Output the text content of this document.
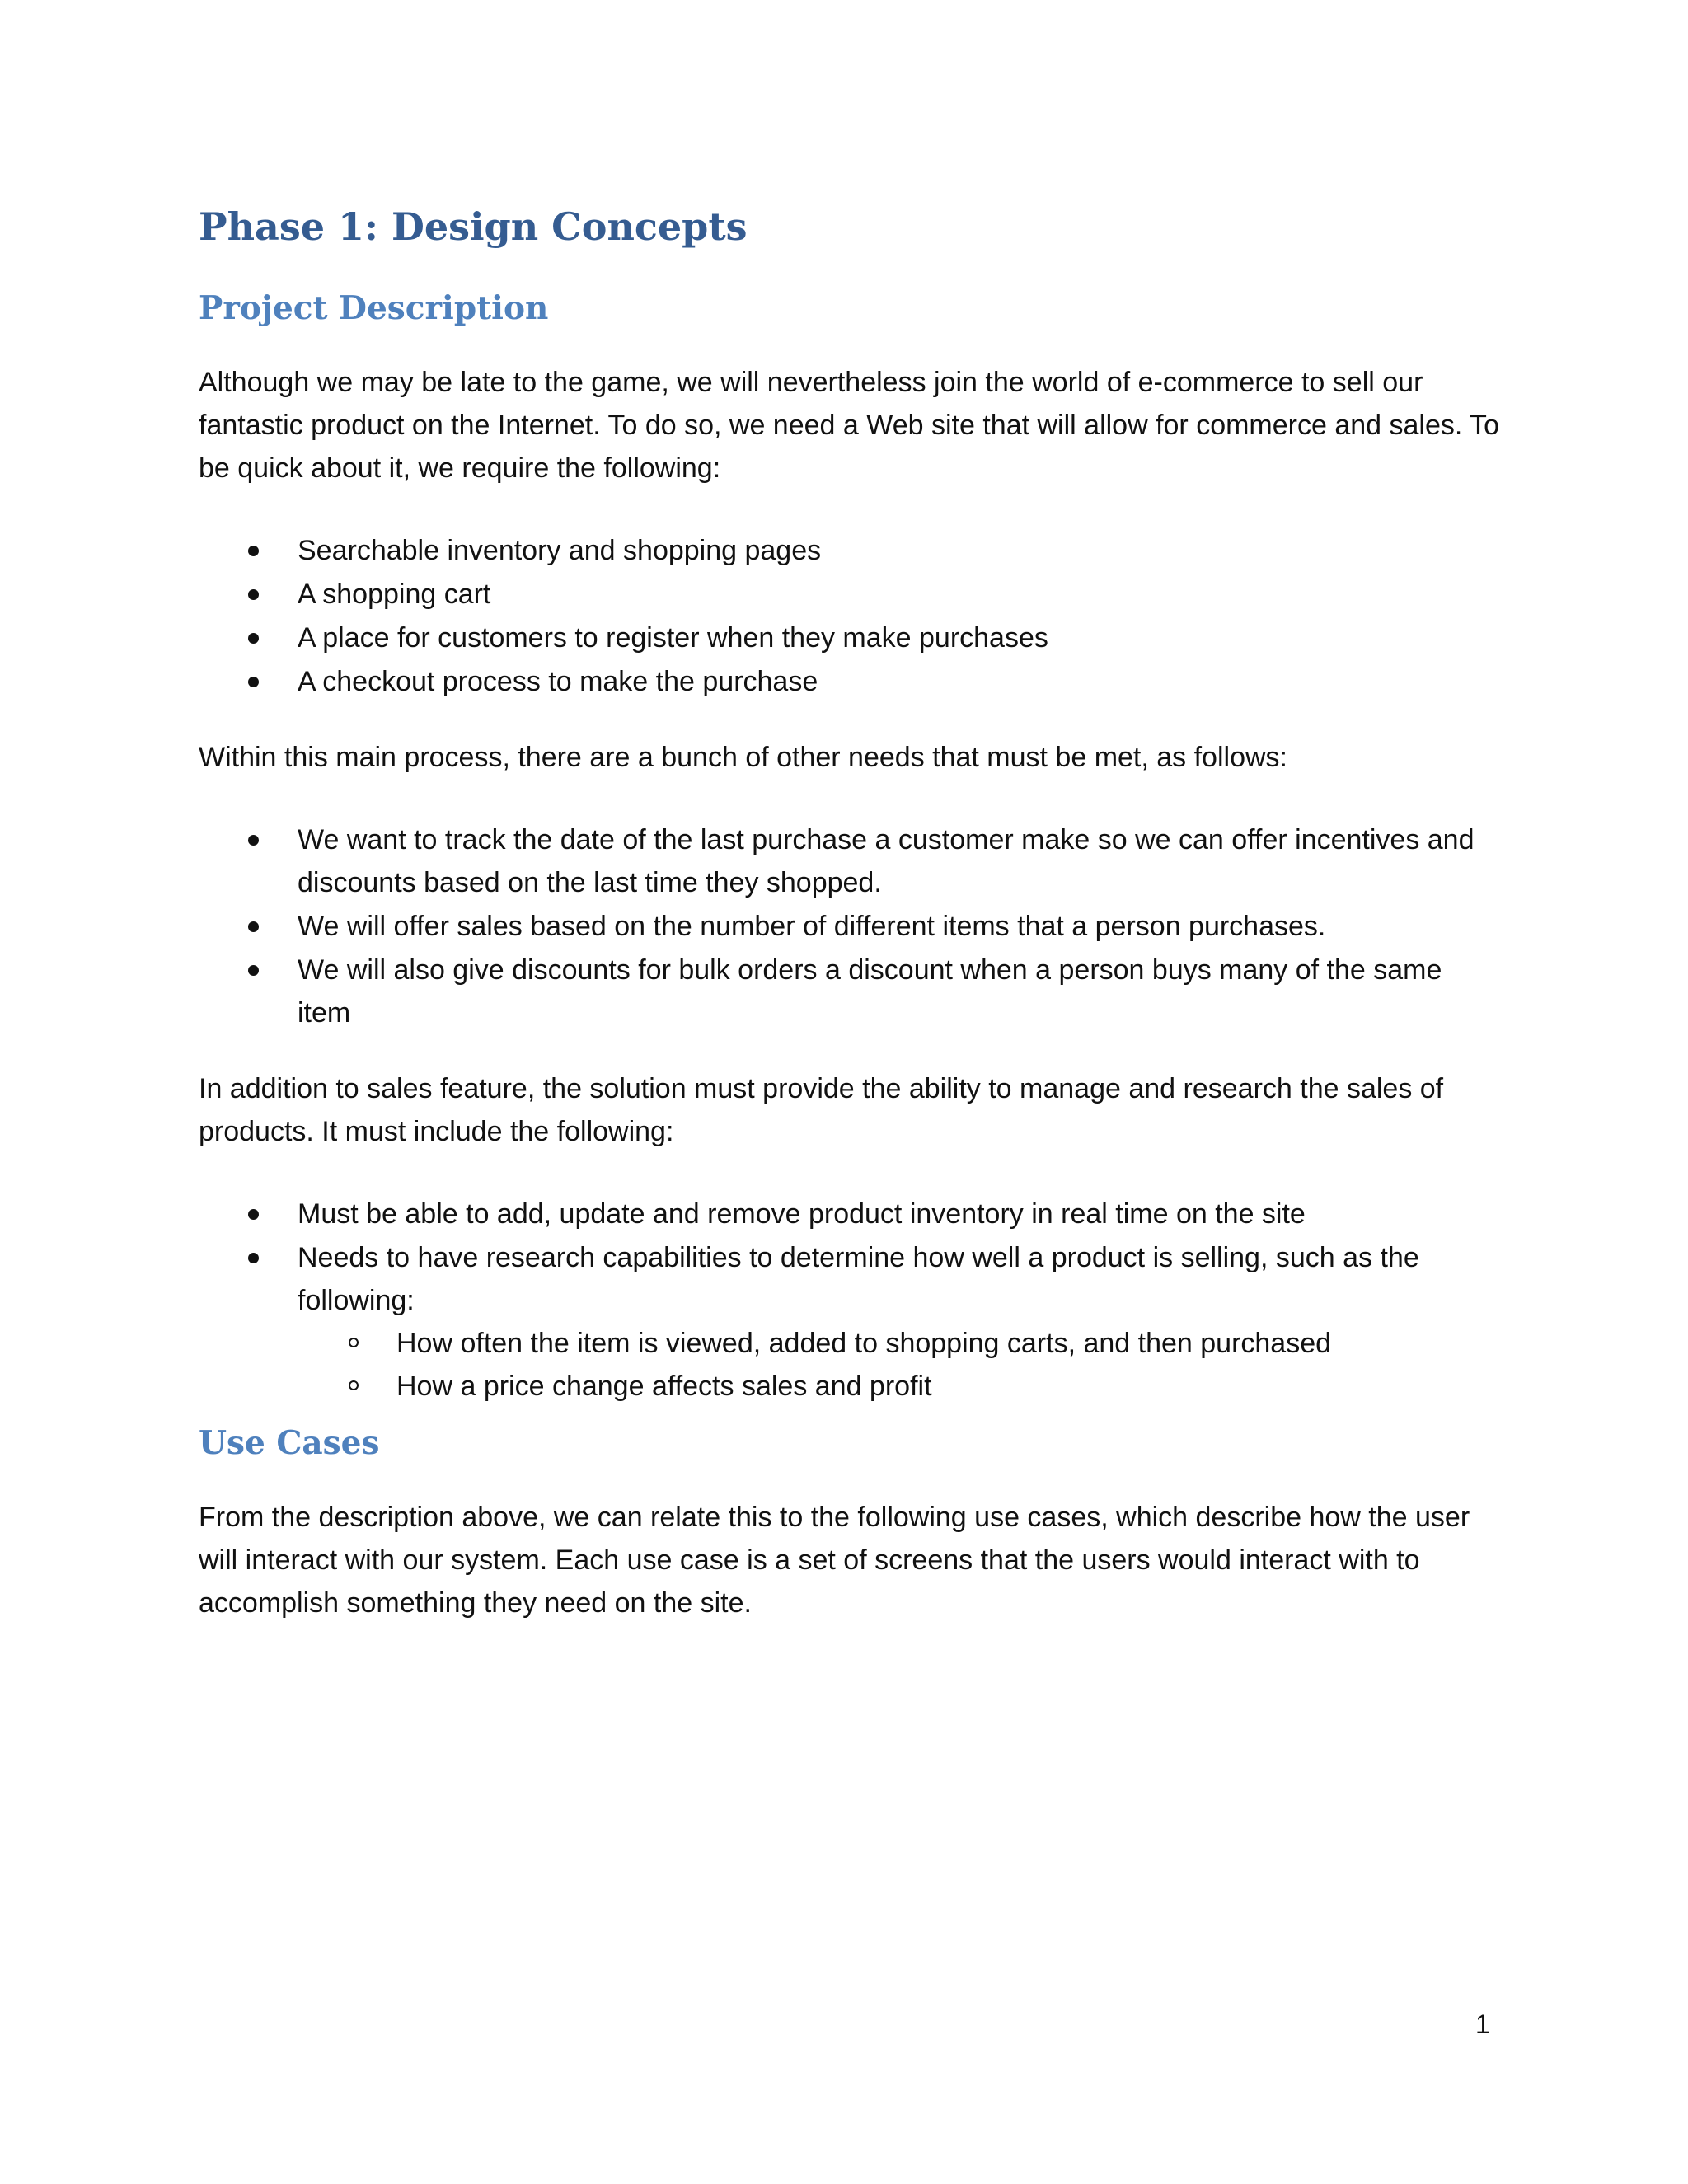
Phase 1: Design Concepts
Project Description

Although we may be late to the game, we will nevertheless join the world of e-commerce to sell our fantastic product on the Internet. To do so, we need a Web site that will allow for commerce and sales. To be quick about it, we require the following:

Searchable inventory and shopping pages
A shopping cart
A place for customers to register when they make purchases
A checkout process to make the purchase

Within this main process, there are a bunch of other needs that must be met, as follows:

We want to track the date of the last purchase a customer make so we can offer incentives and discounts based on the last time they shopped.
We will offer sales based on the number of different items that a person purchases.
We will also give discounts for bulk orders a discount when a person buys many of the same item

In addition to sales feature, the solution must provide the ability to manage and research the sales of products. It must include the following:

Must be able to add, update and remove product inventory in real time on the site
Needs to have research capabilities to determine how well a product is selling, such as the following:
How often the item is viewed, added to shopping carts, and then purchased
How a price change affects sales and profit
Use Cases

From the description above, we can relate this to the following use cases, which describe how the user will interact with our system. Each use case is a set of screens that the users would interact with to accomplish something they need on the site.

1
